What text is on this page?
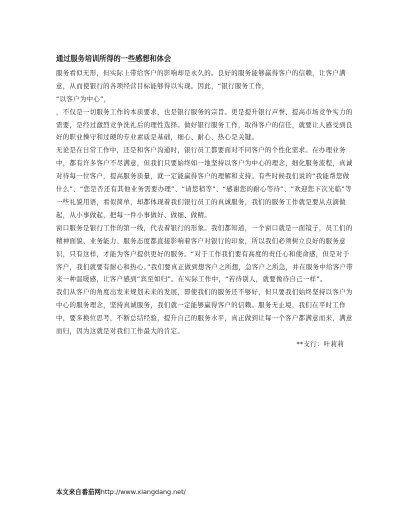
通过服务培训所得的一些感想和体会

服务看似无形，但实际上带给客户的影响却是永久的。良好的服务能够赢得客户的信赖，让客户满意，从而使银行的各项经营目标能够得以实现。因此，“银行服务工作，

“以客户为中心”，

，不仅是一切服务工作的本质要求，也是银行服务的宗旨。更是提升银行声誉、提高市场竞争实力的需要，是经过激烈竞争洗礼后的理性选择。做好银行服务工作，取得客户的信任，就要让人感受到良好的职业操守和过硬的专业素质是基础，细心、耐心、热心是关键。

无论是在日常工作中，还是和客户沟通时，银行员工都要面对不同客户的个性化需求。在办理业务中，都有许多客户不尽满意，但我们只要始终如一地坚持以客户为中心的理念，细化服务流程，真诚对待每一位客户，提高服务质量，就一定能赢得客户的理解和支持。有些时候我们说的“我能帮您做什么”、“您是否还有其他业务需要办理”、“请您稍等”、“感谢您的耐心等待”、“欢迎您下次光临”等一些礼貌用语，看似简单，却都体现着我们银行员工的真诚服务，我们的服务工作就是要从点滴做起，从小事做起，把每一件小事做好、做细、做精。

窗口服务是银行工作的第一线，代表着银行的形象。我们都知道，一个窗口就是一面镜子，员工们的精神面貌、业务能力、服务态度都直接影响着客户对银行的印象，所以我们必须树立良好的服务意识，只有这样，才能为客户提供更好的服务。“对于工作我们要有高度的责任心和使命感，但是对于客户，我们就要有耐心和热心。”我们要真正做到想客户之所想，急客户之所急，并在服务中给客户带来一种温暖感，让客户感到“宾至如归”。在实际工作中，“若待别人，就要像待自己一样”。

我们从客户的角度出发来规划未来的发展，即使我们的服务还不够好，但只要我们始终坚持以客户为中心的服务理念，坚持真诚服务，我们就一定能够赢得客户的信赖。服务无止境，我们在平时工作中，要多换位思考，不断总结经验，提升自己的服务水平，真正做到让每一个客户都满意而来，满意而归，因为这就是对我们工作最大的肯定。

**支行：叶莉莉

本文来自番茄网http://www.xiangdang.net/
